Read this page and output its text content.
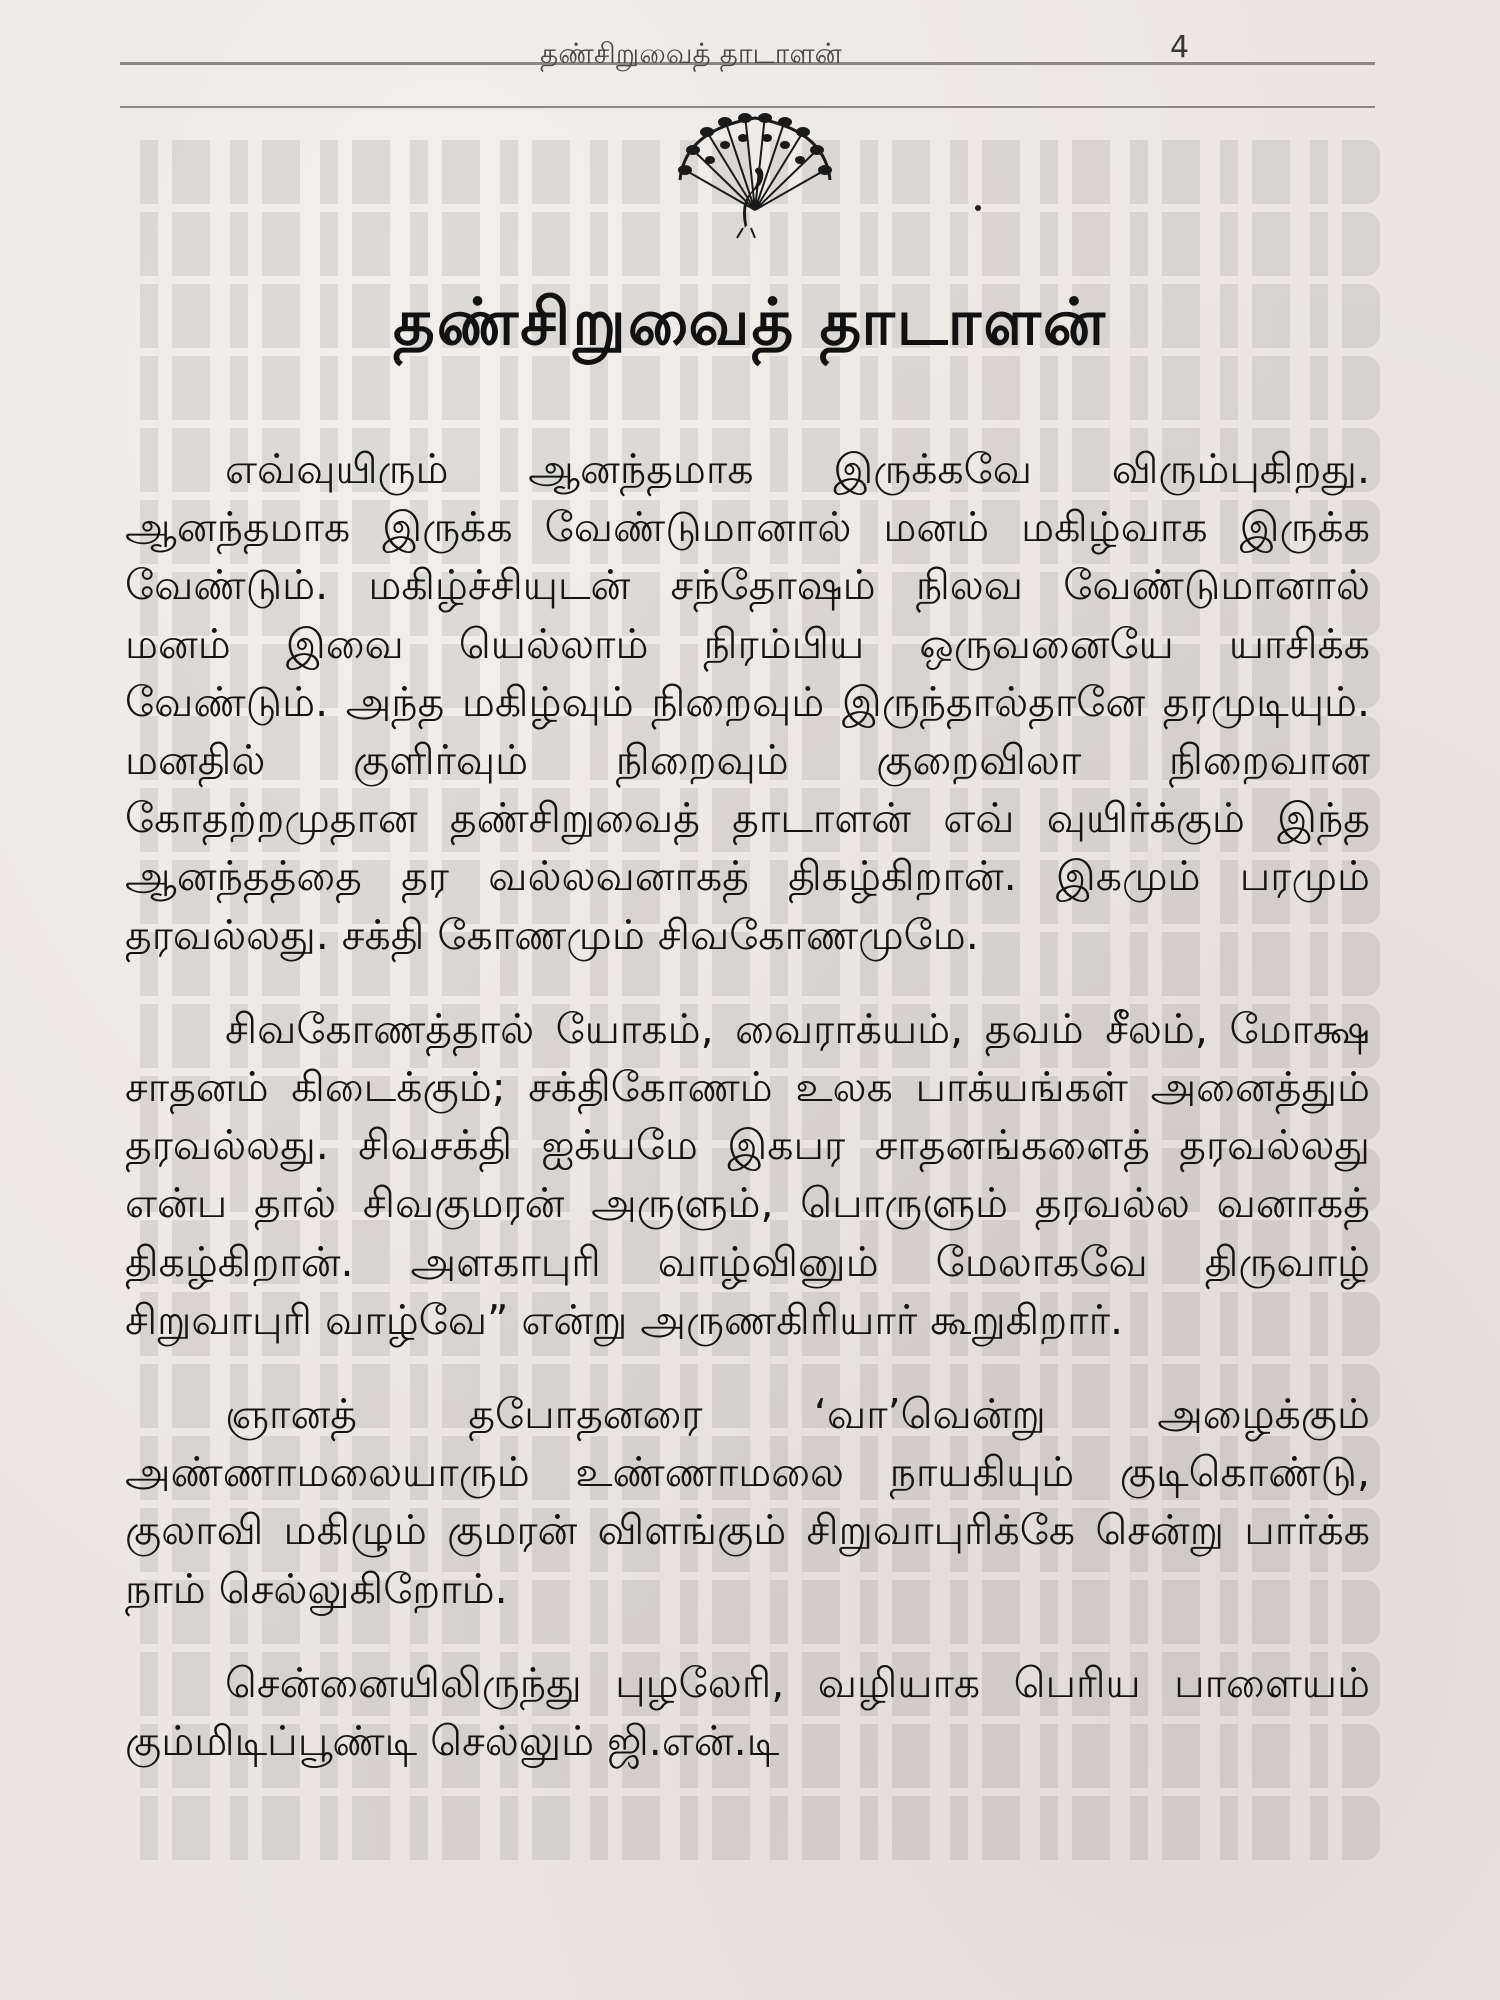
தண்சிறுவைத் தாடாளன்	4
தண்சிறுவைத் தாடாளன்

எவ்வுயிரும் ஆனந்தமாக இருக்கவே விரும்புகிறது. ஆனந்தமாக இருக்க வேண்டுமானால் மனம் மகிழ்வாக இருக்க வேண்டும். மகிழ்ச்சியுடன் சந்தோஷம் நிலவ வேண்டுமானால் மனம் இவை யெல்லாம் நிரம்பிய ஒருவனையே யாசிக்க வேண்டும். அந்த மகிழ்வும் நிறைவும் இருந்தால்தானே தரமுடியும். மனதில் குளிர்வும் நிறைவும் குறைவிலா நிறைவான கோதற்றமுதான தண்சிறுவைத் தாடாளன் எவ் வுயிர்க்கும் இந்த ஆனந்தத்தை தர வல்லவனாகத் திகழ்கிறான். இகமும் பரமும் தரவல்லது. சக்தி கோணமும் சிவகோணமுமே.

சிவகோணத்தால் யோகம், வைராக்யம், தவம் சீலம், மோக்ஷ சாதனம் கிடைக்கும்; சக்திகோணம் உலக பாக்யங்கள் அனைத்தும் தரவல்லது. சிவசக்தி ஐக்யமே இகபர சாதனங்களைத் தரவல்லது என்ப தால் சிவகுமரன் அருளும், பொருளும் தரவல்ல வனாகத் திகழ்கிறான். அளகாபுரி வாழ்வினும் மேலாகவே திருவாழ் சிறுவாபுரி வாழ்வே” என்று அருணகிரியார் கூறுகிறார்.

ஞானத் தபோதனரை ‘வா’வென்று அழைக்கும் அண்ணாமலையாரும் உண்ணாமலை நாயகியும் குடிகொண்டு, குலாவி மகிழும் குமரன் விளங்கும் சிறுவாபுரிக்கே சென்று பார்க்க நாம் செல்லுகிறோம்.

சென்னையிலிருந்து புழலேரி, வழியாக பெரிய பாளையம் கும்மிடிப்பூண்டி செல்லும் ஜி.என்.டி
